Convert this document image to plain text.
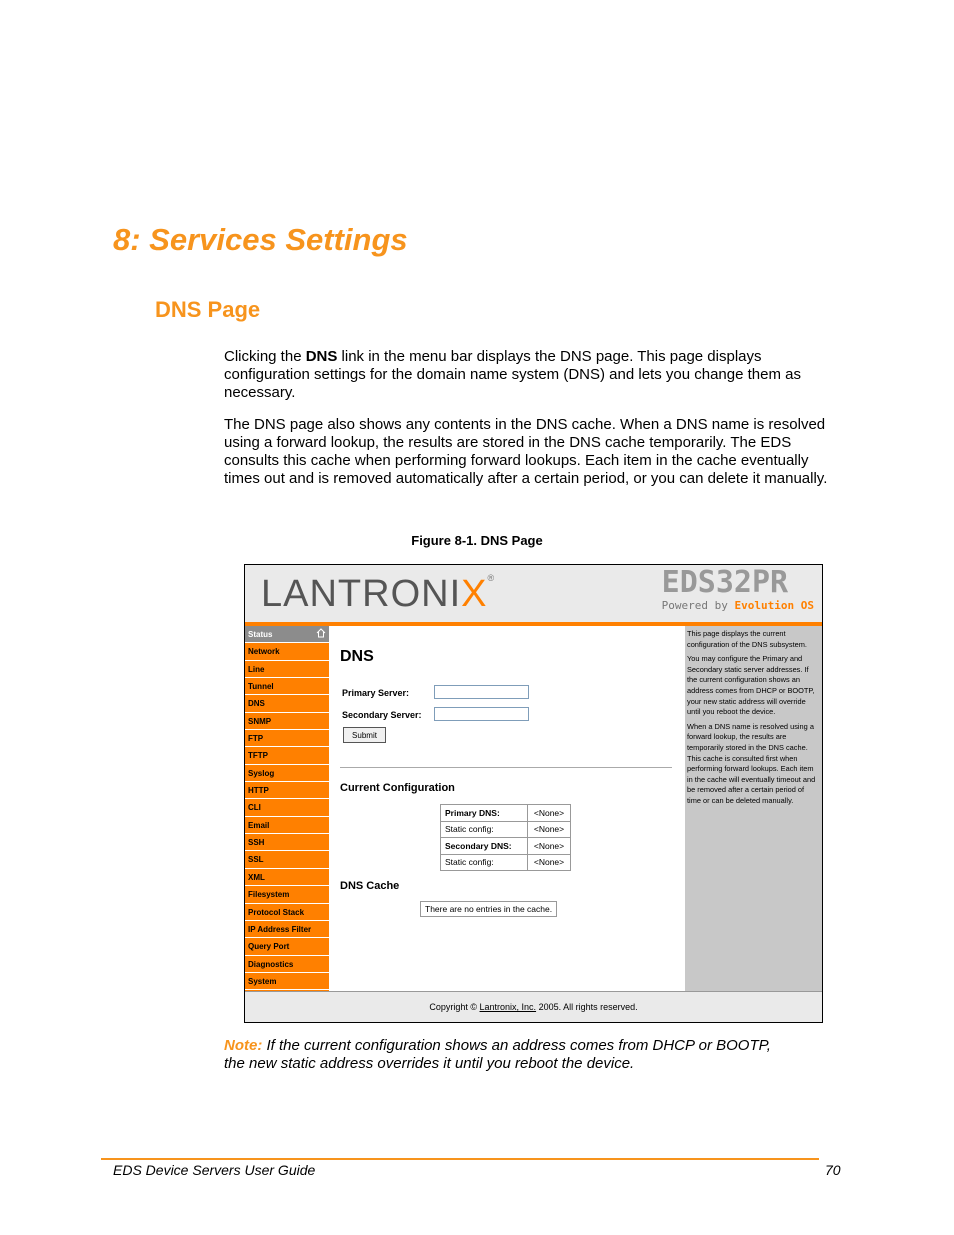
8: Services Settings
DNS Page

Clicking the DNS link in the menu bar displays the DNS page. This page displays configuration settings for the domain name system (DNS) and lets you change them as necessary.

The DNS page also shows any contents in the DNS cache. When a DNS name is resolved using a forward lookup, the results are stored in the DNS cache temporarily. The EDS consults this cache when performing forward lookups. Each item in the cache eventually times out and is removed automatically after a certain period, or you can delete it manually.

Figure 8-1. DNS Page

LANTRONIX®	EDS32PR
Powered by Evolution OS
Status
Network
Line
Tunnel
DNS
SNMP
FTP
TFTP
Syslog
HTTP
CLI
Email
SSH
SSL
XML
Filesystem
Protocol Stack
IP Address Filter
Query Port
Diagnostics
System
DNS
Primary Server:
Secondary Server:
Submit
Current Configuration
Primary DNS:	<None>
Static config:	<None>
Secondary DNS:	<None>
Static config:	<None>
DNS Cache
There are no entries in the cache.

This page displays the current configuration of the DNS subsystem.

You may configure the Primary and Secondary static server addresses. If the current configuration shows an address comes from DHCP or BOOTP, your new static address will override until you reboot the device.

When a DNS name is resolved using a forward lookup, the results are temporarily stored in the DNS cache. This cache is consulted first when performing forward lookups. Each item in the cache will eventually timeout and be removed after a certain period of time or can be deleted manually.

Copyright © Lantronix, Inc. 2005. All rights reserved.

Note: If the current configuration shows an address comes from DHCP or BOOTP, the new static address overrides it until you reboot the device.

EDS Device Servers User Guide	70
